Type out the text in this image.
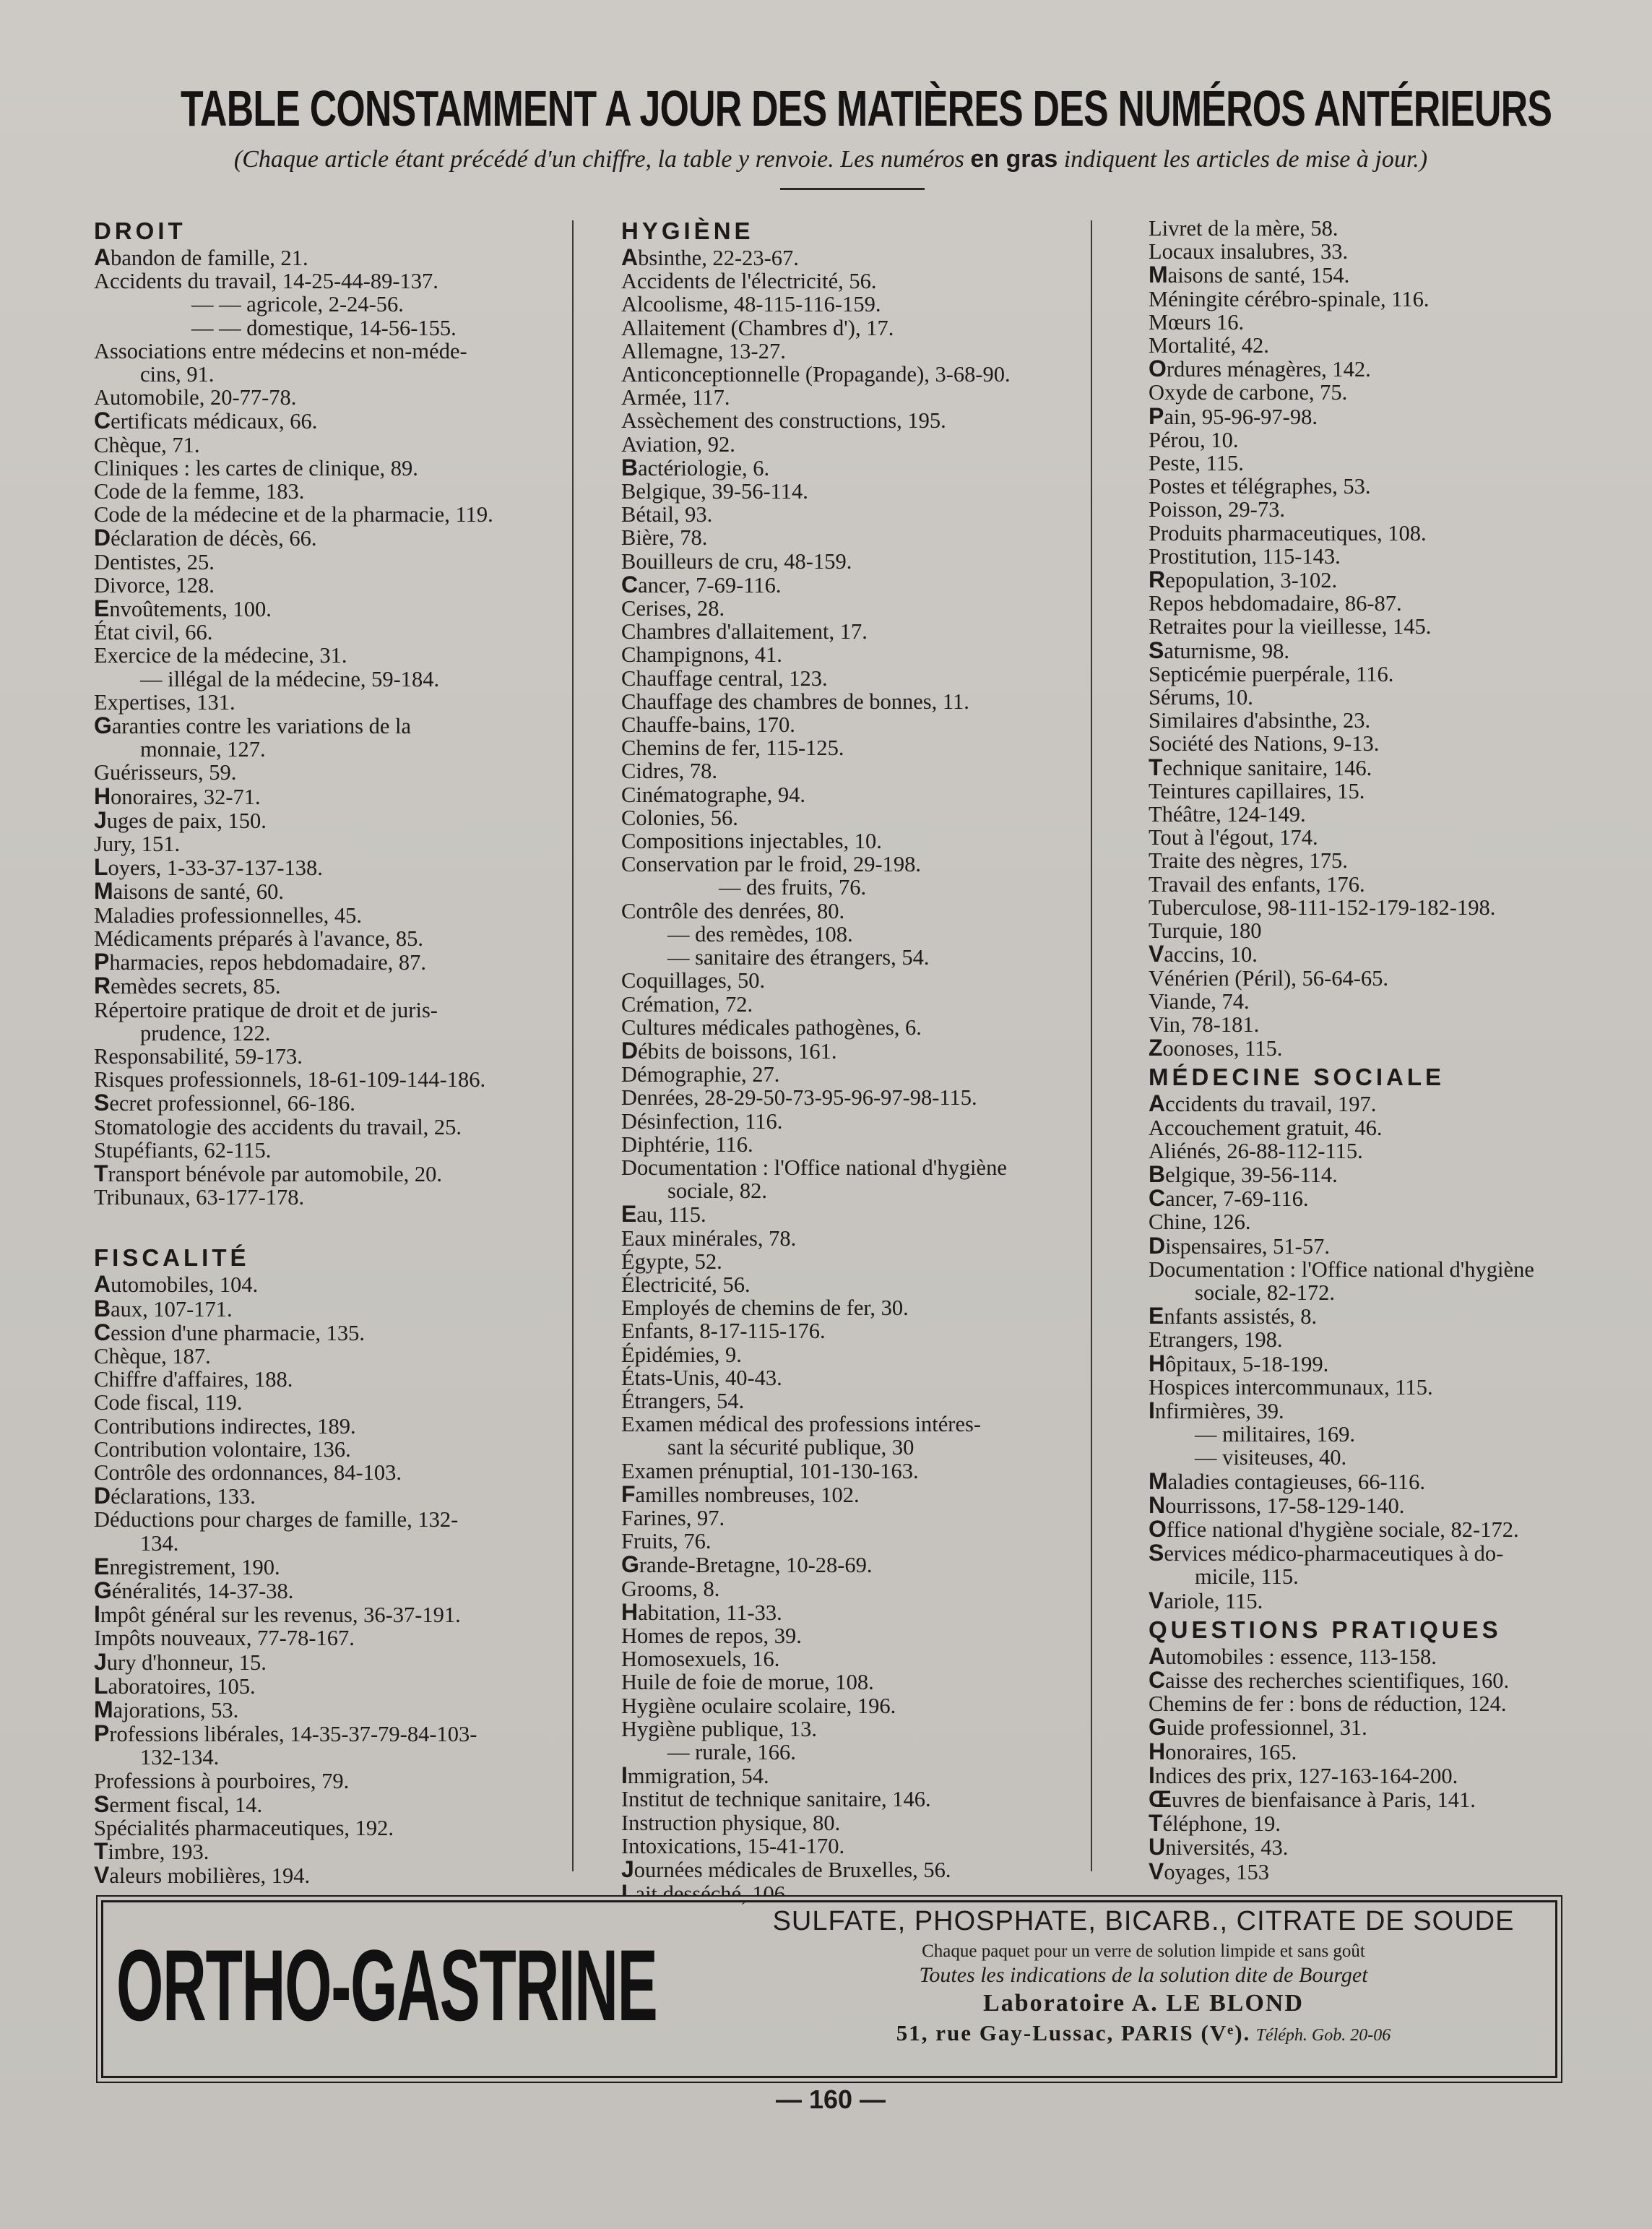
TABLE CONSTAMMENT A JOUR DES MATIÈRES DES NUMÉROS ANTÉRIEURS
(Chaque article étant précédé d'un chiffre, la table y renvoie. Les numéros en gras indiquent les articles de mise à jour.)
DROIT
Abandon de famille, 21.
Accidents du travail, 14-25-44-89-137.
— — agricole, 2-24-56.
— — domestique, 14-56-155.
Associations entre médecins et non-méde-
cins, 91.
Automobile, 20-77-78.
Certificats médicaux, 66.
Chèque, 71.
Cliniques : les cartes de clinique, 89.
Code de la femme, 183.
Code de la médecine et de la pharmacie, 119.
Déclaration de décès, 66.
Dentistes, 25.
Divorce, 128.
Envoûtements, 100.
État civil, 66.
Exercice de la médecine, 31.
— illégal de la médecine, 59-184.
Expertises, 131.
Garanties contre les variations de la
monnaie, 127.
Guérisseurs, 59.
Honoraires, 32-71.
Juges de paix, 150.
Jury, 151.
Loyers, 1-33-37-137-138.
Maisons de santé, 60.
Maladies professionnelles, 45.
Médicaments préparés à l'avance, 85.
Pharmacies, repos hebdomadaire, 87.
Remèdes secrets, 85.
Répertoire pratique de droit et de juris-
prudence, 122.
Responsabilité, 59-173.
Risques professionnels, 18-61-109-144-186.
Secret professionnel, 66-186.
Stomatologie des accidents du travail, 25.
Stupéfiants, 62-115.
Transport bénévole par automobile, 20.
Tribunaux, 63-177-178.
FISCALITÉ
Automobiles, 104.
Baux, 107-171.
Cession d'une pharmacie, 135.
Chèque, 187.
Chiffre d'affaires, 188.
Code fiscal, 119.
Contributions indirectes, 189.
Contribution volontaire, 136.
Contrôle des ordonnances, 84-103.
Déclarations, 133.
Déductions pour charges de famille, 132-
134.
Enregistrement, 190.
Généralités, 14-37-38.
Impôt général sur les revenus, 36-37-191.
Impôts nouveaux, 77-78-167.
Jury d'honneur, 15.
Laboratoires, 105.
Majorations, 53.
Professions libérales, 14-35-37-79-84-103-
132-134.
Professions à pourboires, 79.
Serment fiscal, 14.
Spécialités pharmaceutiques, 192.
Timbre, 193.
Valeurs mobilières, 194.
HYGIÈNE
Absinthe, 22-23-67.
Accidents de l'électricité, 56.
Alcoolisme, 48-115-116-159.
Allaitement (Chambres d'), 17.
Allemagne, 13-27.
Anticonceptionnelle (Propagande), 3-68-90.
Armée, 117.
Assèchement des constructions, 195.
Aviation, 92.
Bactériologie, 6.
Belgique, 39-56-114.
Bétail, 93.
Bière, 78.
Bouilleurs de cru, 48-159.
Cancer, 7-69-116.
Cerises, 28.
Chambres d'allaitement, 17.
Champignons, 41.
Chauffage central, 123.
Chauffage des chambres de bonnes, 11.
Chauffe-bains, 170.
Chemins de fer, 115-125.
Cidres, 78.
Cinématographe, 94.
Colonies, 56.
Compositions injectables, 10.
Conservation par le froid, 29-198.
— des fruits, 76.
Contrôle des denrées, 80.
— des remèdes, 108.
— sanitaire des étrangers, 54.
Coquillages, 50.
Crémation, 72.
Cultures médicales pathogènes, 6.
Débits de boissons, 161.
Démographie, 27.
Denrées, 28-29-50-73-95-96-97-98-115.
Désinfection, 116.
Diphtérie, 116.
Documentation : l'Office national d'hygiène
sociale, 82.
Eau, 115.
Eaux minérales, 78.
Égypte, 52.
Électricité, 56.
Employés de chemins de fer, 30.
Enfants, 8-17-115-176.
Épidémies, 9.
États-Unis, 40-43.
Étrangers, 54.
Examen médical des professions intéres-
sant la sécurité publique, 30
Examen prénuptial, 101-130-163.
Familles nombreuses, 102.
Farines, 97.
Fruits, 76.
Grande-Bretagne, 10-28-69.
Grooms, 8.
Habitation, 11-33.
Homes de repos, 39.
Homosexuels, 16.
Huile de foie de morue, 108.
Hygiène oculaire scolaire, 196.
Hygiène publique, 13.
— rurale, 166.
Immigration, 54.
Institut de technique sanitaire, 146.
Instruction physique, 80.
Intoxications, 15-41-170.
Journées médicales de Bruxelles, 56.
Lait desséché, 106.
Livret de la mère, 58.
Locaux insalubres, 33.
Maisons de santé, 154.
Méningite cérébro-spinale, 116.
Mœurs 16.
Mortalité, 42.
Ordures ménagères, 142.
Oxyde de carbone, 75.
Pain, 95-96-97-98.
Pérou, 10.
Peste, 115.
Postes et télégraphes, 53.
Poisson, 29-73.
Produits pharmaceutiques, 108.
Prostitution, 115-143.
Repopulation, 3-102.
Repos hebdomadaire, 86-87.
Retraites pour la vieillesse, 145.
Saturnisme, 98.
Septicémie puerpérale, 116.
Sérums, 10.
Similaires d'absinthe, 23.
Société des Nations, 9-13.
Technique sanitaire, 146.
Teintures capillaires, 15.
Théâtre, 124-149.
Tout à l'égout, 174.
Traite des nègres, 175.
Travail des enfants, 176.
Tuberculose, 98-111-152-179-182-198.
Turquie, 180
Vaccins, 10.
Vénérien (Péril), 56-64-65.
Viande, 74.
Vin, 78-181.
Zoonoses, 115.
MÉDECINE SOCIALE
Accidents du travail, 197.
Accouchement gratuit, 46.
Aliénés, 26-88-112-115.
Belgique, 39-56-114.
Cancer, 7-69-116.
Chine, 126.
Dispensaires, 51-57.
Documentation : l'Office national d'hygiène
sociale, 82-172.
Enfants assistés, 8.
Etrangers, 198.
Hôpitaux, 5-18-199.
Hospices intercommunaux, 115.
Infirmières, 39.
— militaires, 169.
— visiteuses, 40.
Maladies contagieuses, 66-116.
Nourrissons, 17-58-129-140.
Office national d'hygiène sociale, 82-172.
Services médico-pharmaceutiques à do-
micile, 115.
Variole, 115.
QUESTIONS PRATIQUES
Automobiles : essence, 113-158.
Caisse des recherches scientifiques, 160.
Chemins de fer : bons de réduction, 124.
Guide professionnel, 31.
Honoraires, 165.
Indices des prix, 127-163-164-200.
Œuvres de bienfaisance à Paris, 141.
Téléphone, 19.
Universités, 43.
Voyages, 153
ORTHO-GASTRINE
SULFATE, PHOSPHATE, BICARB., CITRATE DE SOUDE
Chaque paquet pour un verre de solution limpide et sans goût
Toutes les indications de la solution dite de Bourget
Laboratoire A. LE BLOND
51, rue Gay-Lussac, PARIS (Vᵉ). Téléph. Gob. 20-06
— 160 —
